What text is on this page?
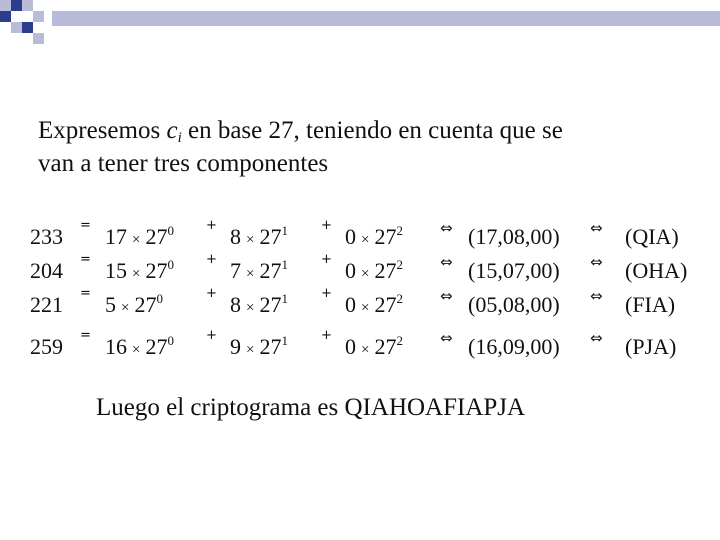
Expresemos $c_i$ en base 27, teniendo en cuenta que se
van a tener tres componentes
$233 = 17 \times 27^0 + 8 \times 27^1$	+ $0 \times 27^2$ ⇔ (17,08,00) ⇔ (QIA)
$204 = 15 \times 27^0 + 7 \times 27^1$	+ $0 \times 27^2$ ⇔ (15,07,00) ⇔ (OHA)
$221 = 5 \times 27^0$	+ $8 \times 27^1$	+ $0 \times 27^2$ ⇔ (05,08,00) ⇔ (FIA)
$259 = 16 \times 27^0 + 9 \times 27^1$	+ $0 \times 27^2$ ⇔ (16,09,00) ⇔ (PJA)
Luego el criptograma es QIAHOAFIAPJA
